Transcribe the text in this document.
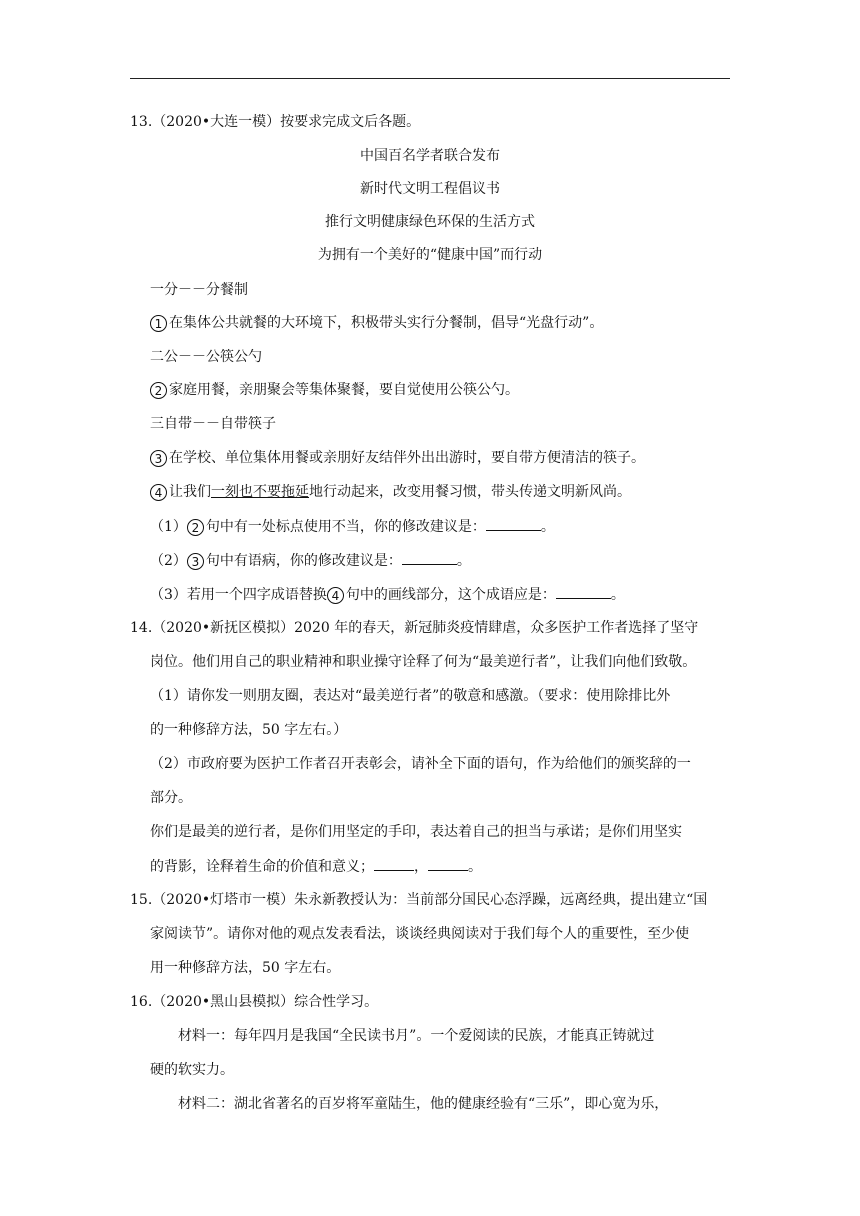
13.（2020•大连一模）按要求完成文后各题。
中国百名学者联合发布
新时代文明工程倡议书
推行文明健康绿色环保的生活方式
为拥有一个美好的“健康中国”而行动
一分－－分餐制
1 在集体公共就餐的大环境下，积极带头实行分餐制，倡导“光盘行动”。
二公－－公筷公勺
2 家庭用餐，亲朋聚会等集体聚餐，要自觉使用公筷公勺。
三自带－－自带筷子
3 在学校、单位集体用餐或亲朋好友结伴外出出游时，要自带方便清洁的筷子。
4 让我们一刻也不要拖延地行动起来，改变用餐习惯，带头传递文明新风尚。
（1） 2 句中有一处标点使用不当，你的修改建议是：	。
（2） 3 句中有语病，你的修改建议是：	。
（3）若用一个四字成语替换 4 句中的画线部分，这个成语应是：	。
14.（2020•新抚区模拟）2020 年的春天，新冠肺炎疫情肆虐，众多医护工作者选择了坚守
岗位。他们用自己的职业精神和职业操守诠释了何为“最美逆行者”，让我们向他们致敬。
（1）请你发一则朋友圈，表达对“最美逆行者”的敬意和感激。（要求：使用除排比外
的一种修辞方法，50 字左右。）
（2）市政府要为医护工作者召开表彰会，请补全下面的语句，作为给他们的颁奖辞的一
部分。
你们是最美的逆行者，是你们用坚定的手印，表达着自己的担当与承诺；是你们用坚实
的背影，诠释着生命的价值和意义；	，	。
15.（2020•灯塔市一模）朱永新教授认为：当前部分国民心态浮躁，远离经典，提出建立“国
家阅读节”。请你对他的观点发表看法，谈谈经典阅读对于我们每个人的重要性，至少使
用一种修辞方法，50 字左右。
16.（2020•黑山县模拟）综合性学习。
材料一：每年四月是我国“全民读书月”。一个爱阅读的民族，才能真正铸就过
硬的软实力。
材料二：湖北省著名的百岁将军童陆生，他的健康经验有“三乐”，即心宽为乐，
